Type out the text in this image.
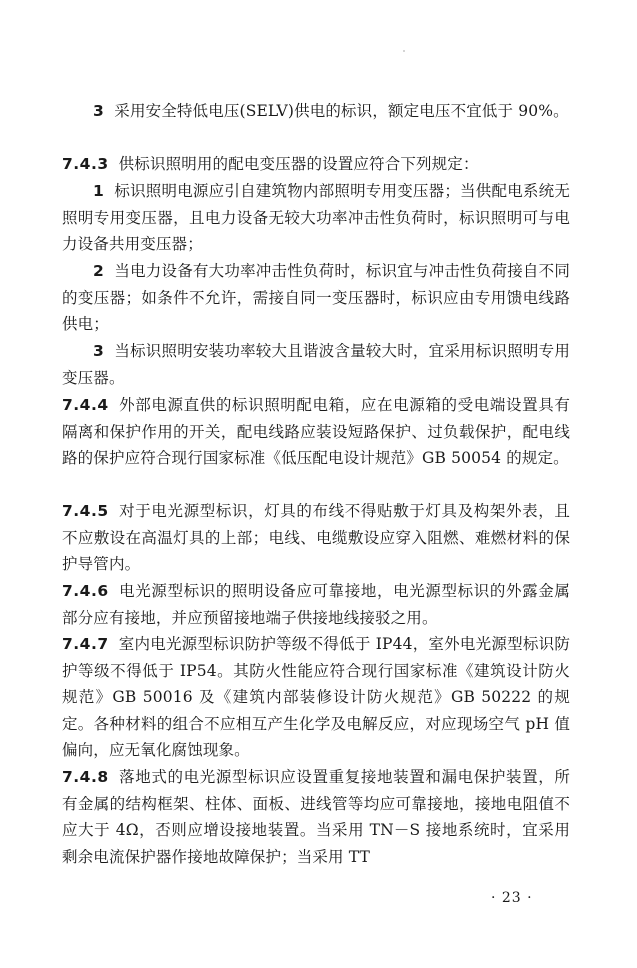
3 采用安全特低电压(SELV)供电的标识，额定电压不宜低于 90%。

7.4.3 供标识照明用的配电变压器的设置应符合下列规定：

1 标识照明电源应引自建筑物内部照明专用变压器；当供配电系统无照明专用变压器，且电力设备无较大功率冲击性负荷时，标识照明可与电力设备共用变压器；

2 当电力设备有大功率冲击性负荷时，标识宜与冲击性负荷接自不同的变压器；如条件不允许，需接自同一变压器时，标识应由专用馈电线路供电；

3 当标识照明安装功率较大且谐波含量较大时，宜采用标识照明专用变压器。

7.4.4 外部电源直供的标识照明配电箱，应在电源箱的受电端设置具有隔离和保护作用的开关，配电线路应装设短路保护、过负载保护，配电线路的保护应符合现行国家标准《低压配电设计规范》GB 50054 的规定。

7.4.5 对于电光源型标识，灯具的布线不得贴敷于灯具及构架外表，且不应敷设在高温灯具的上部；电线、电缆敷设应穿入阻燃、难燃材料的保护导管内。

7.4.6 电光源型标识的照明设备应可靠接地，电光源型标识的外露金属部分应有接地，并应预留接地端子供接地线接驳之用。

7.4.7 室内电光源型标识防护等级不得低于 IP44，室外电光源型标识防护等级不得低于 IP54。其防火性能应符合现行国家标准《建筑设计防火规范》GB 50016 及《建筑内部装修设计防火规范》GB 50222 的规定。各种材料的组合不应相互产生化学及电解反应，对应现场空气 pH 值偏向，应无氧化腐蚀现象。

7.4.8 落地式的电光源型标识应设置重复接地装置和漏电保护装置，所有金属的结构框架、柱体、面板、进线管等均应可靠接地，接地电阻值不应大于 4Ω，否则应增设接地装置。当采用 TN－S 接地系统时，宜采用剩余电流保护器作接地故障保护；当采用 TT

· 23 ·
